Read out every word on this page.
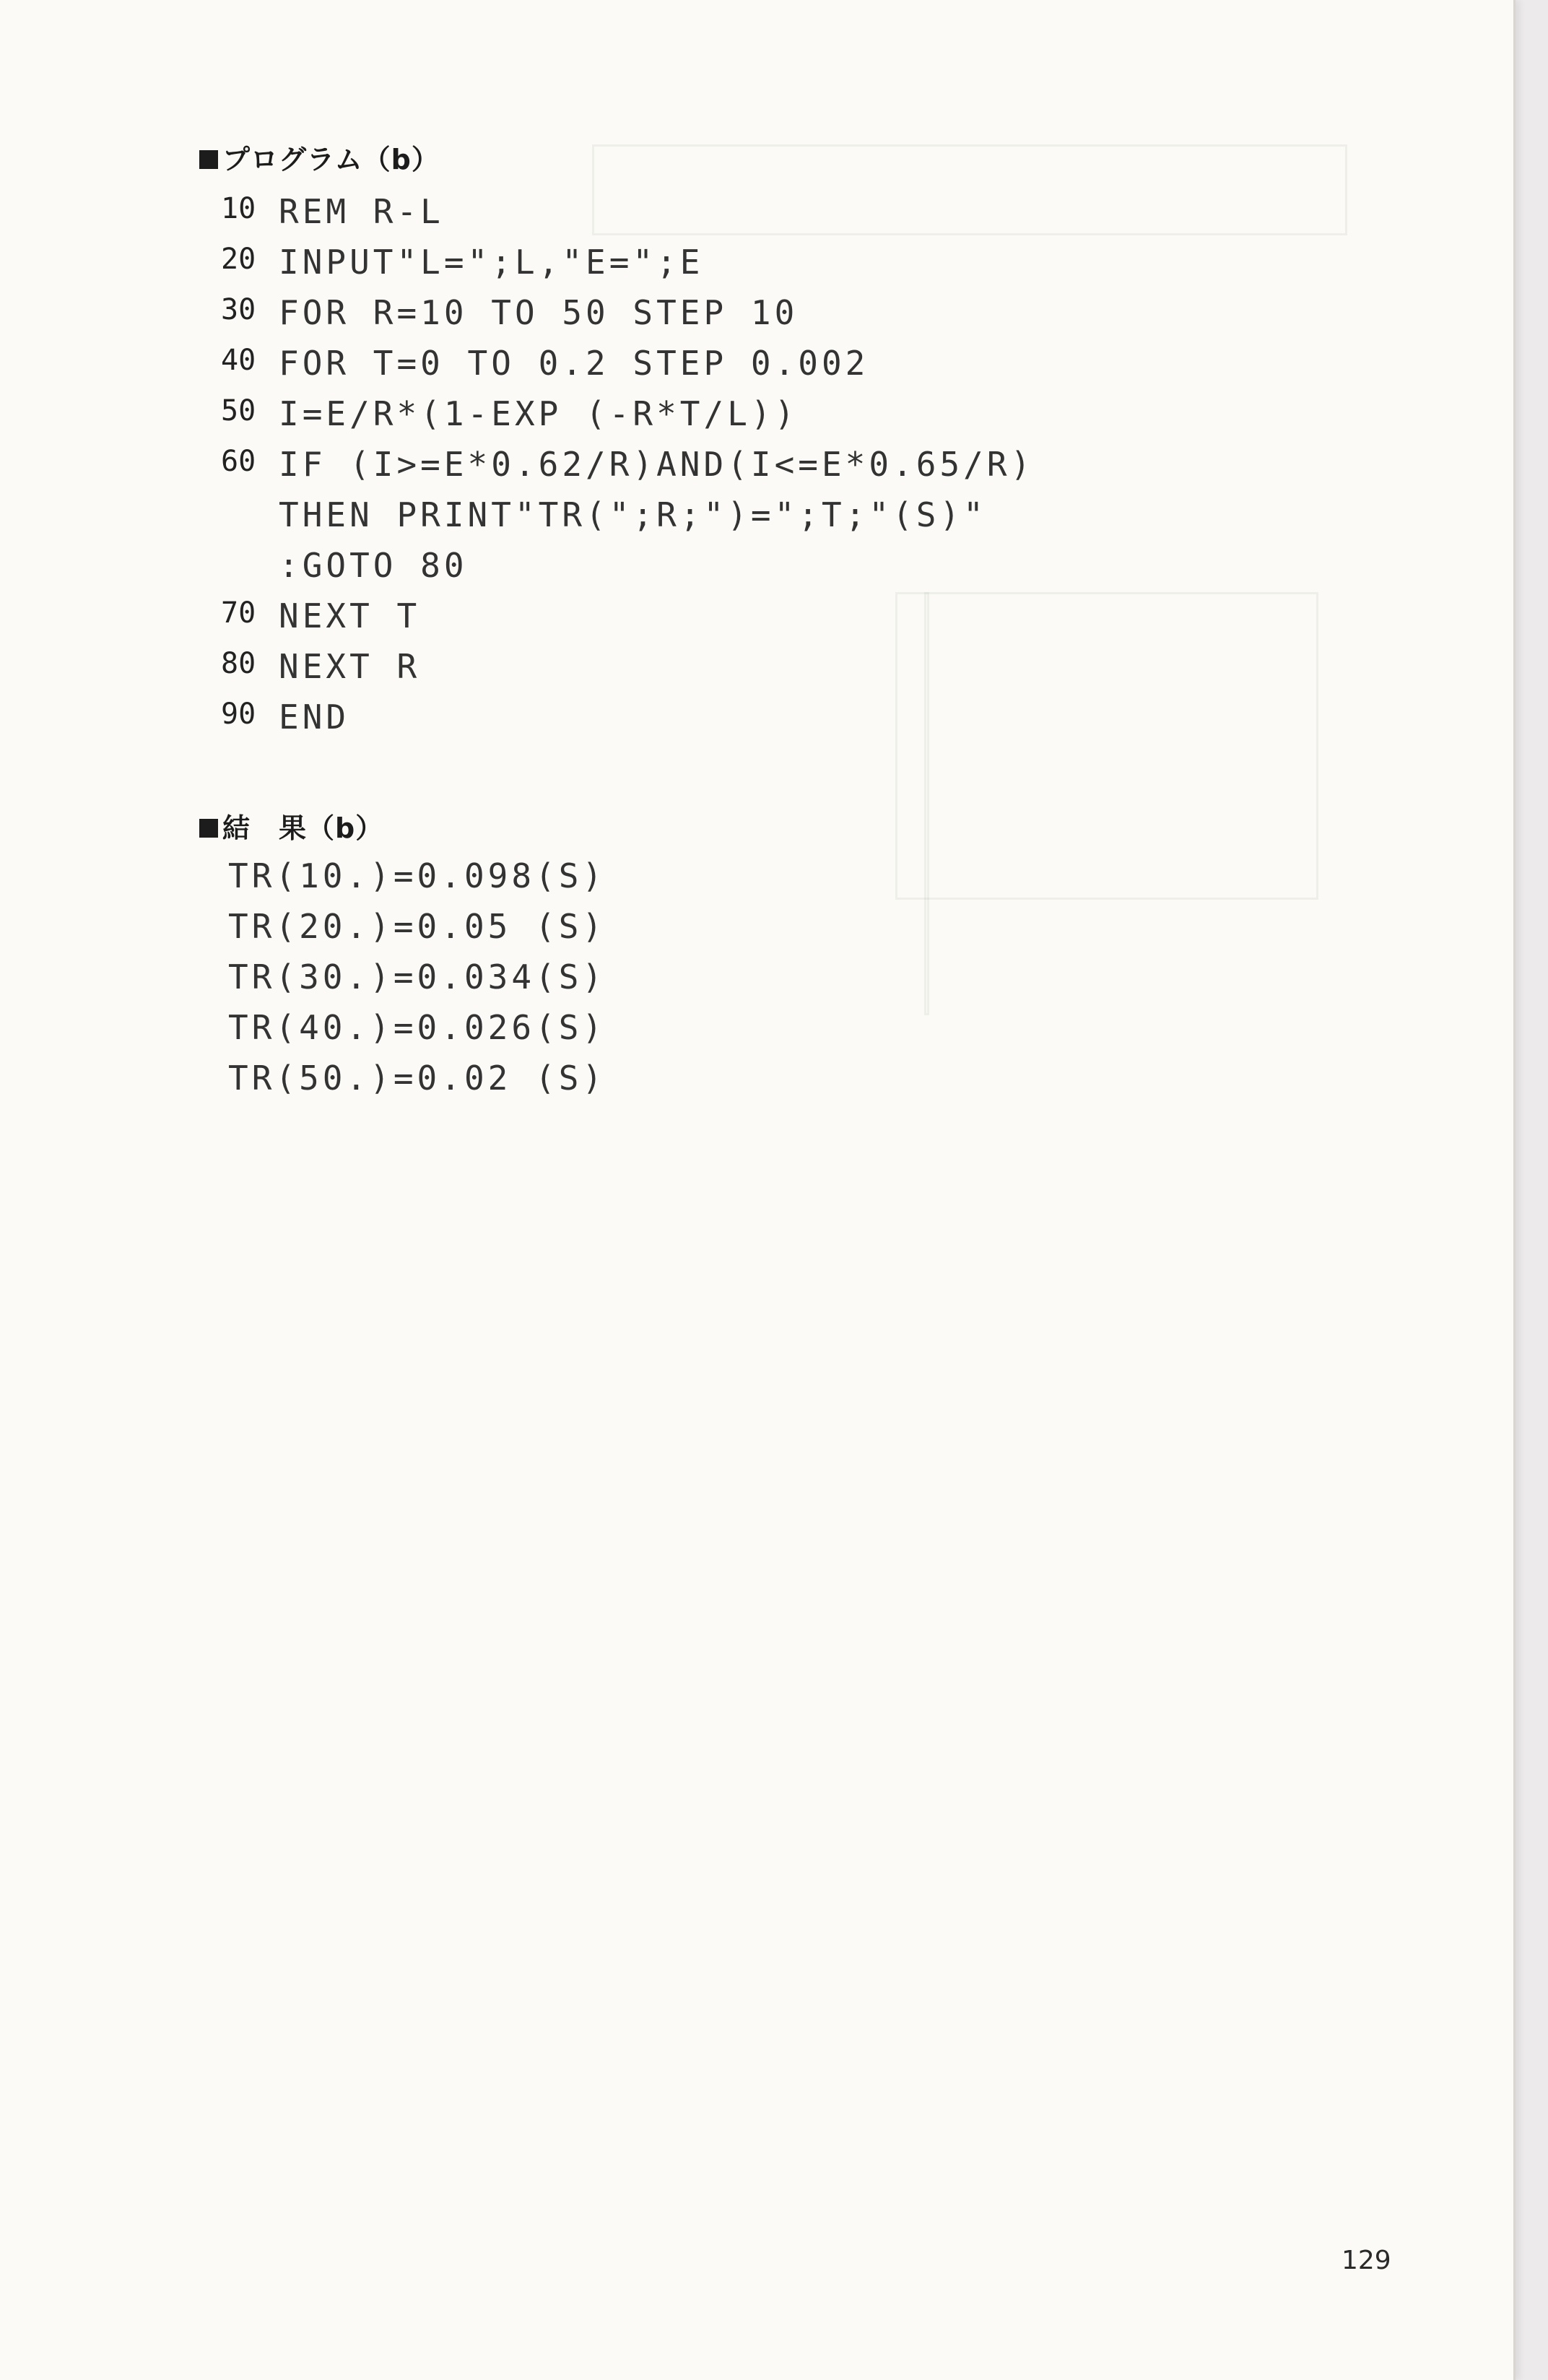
プログラム（b）

10

REM R-L

20

INPUT"L=";L,"E=";E

30

FOR R=10 TO 50 STEP 10

40

FOR T=0 TO 0.2 STEP 0.002

50

I=E/R*(1-EXP (-R*T/L))

60

IF (I>=E*0.62/R)AND(I<=E*0.65/R)

THEN PRINT"TR(";R;")=";T;"(S)"

:GOTO 80

70

NEXT T

80

NEXT R

90

END

結　果（b）
TR(10.)=0.098(S)
TR(20.)=0.05 (S)
TR(30.)=0.034(S)
TR(40.)=0.026(S)
TR(50.)=0.02 (S)
129
